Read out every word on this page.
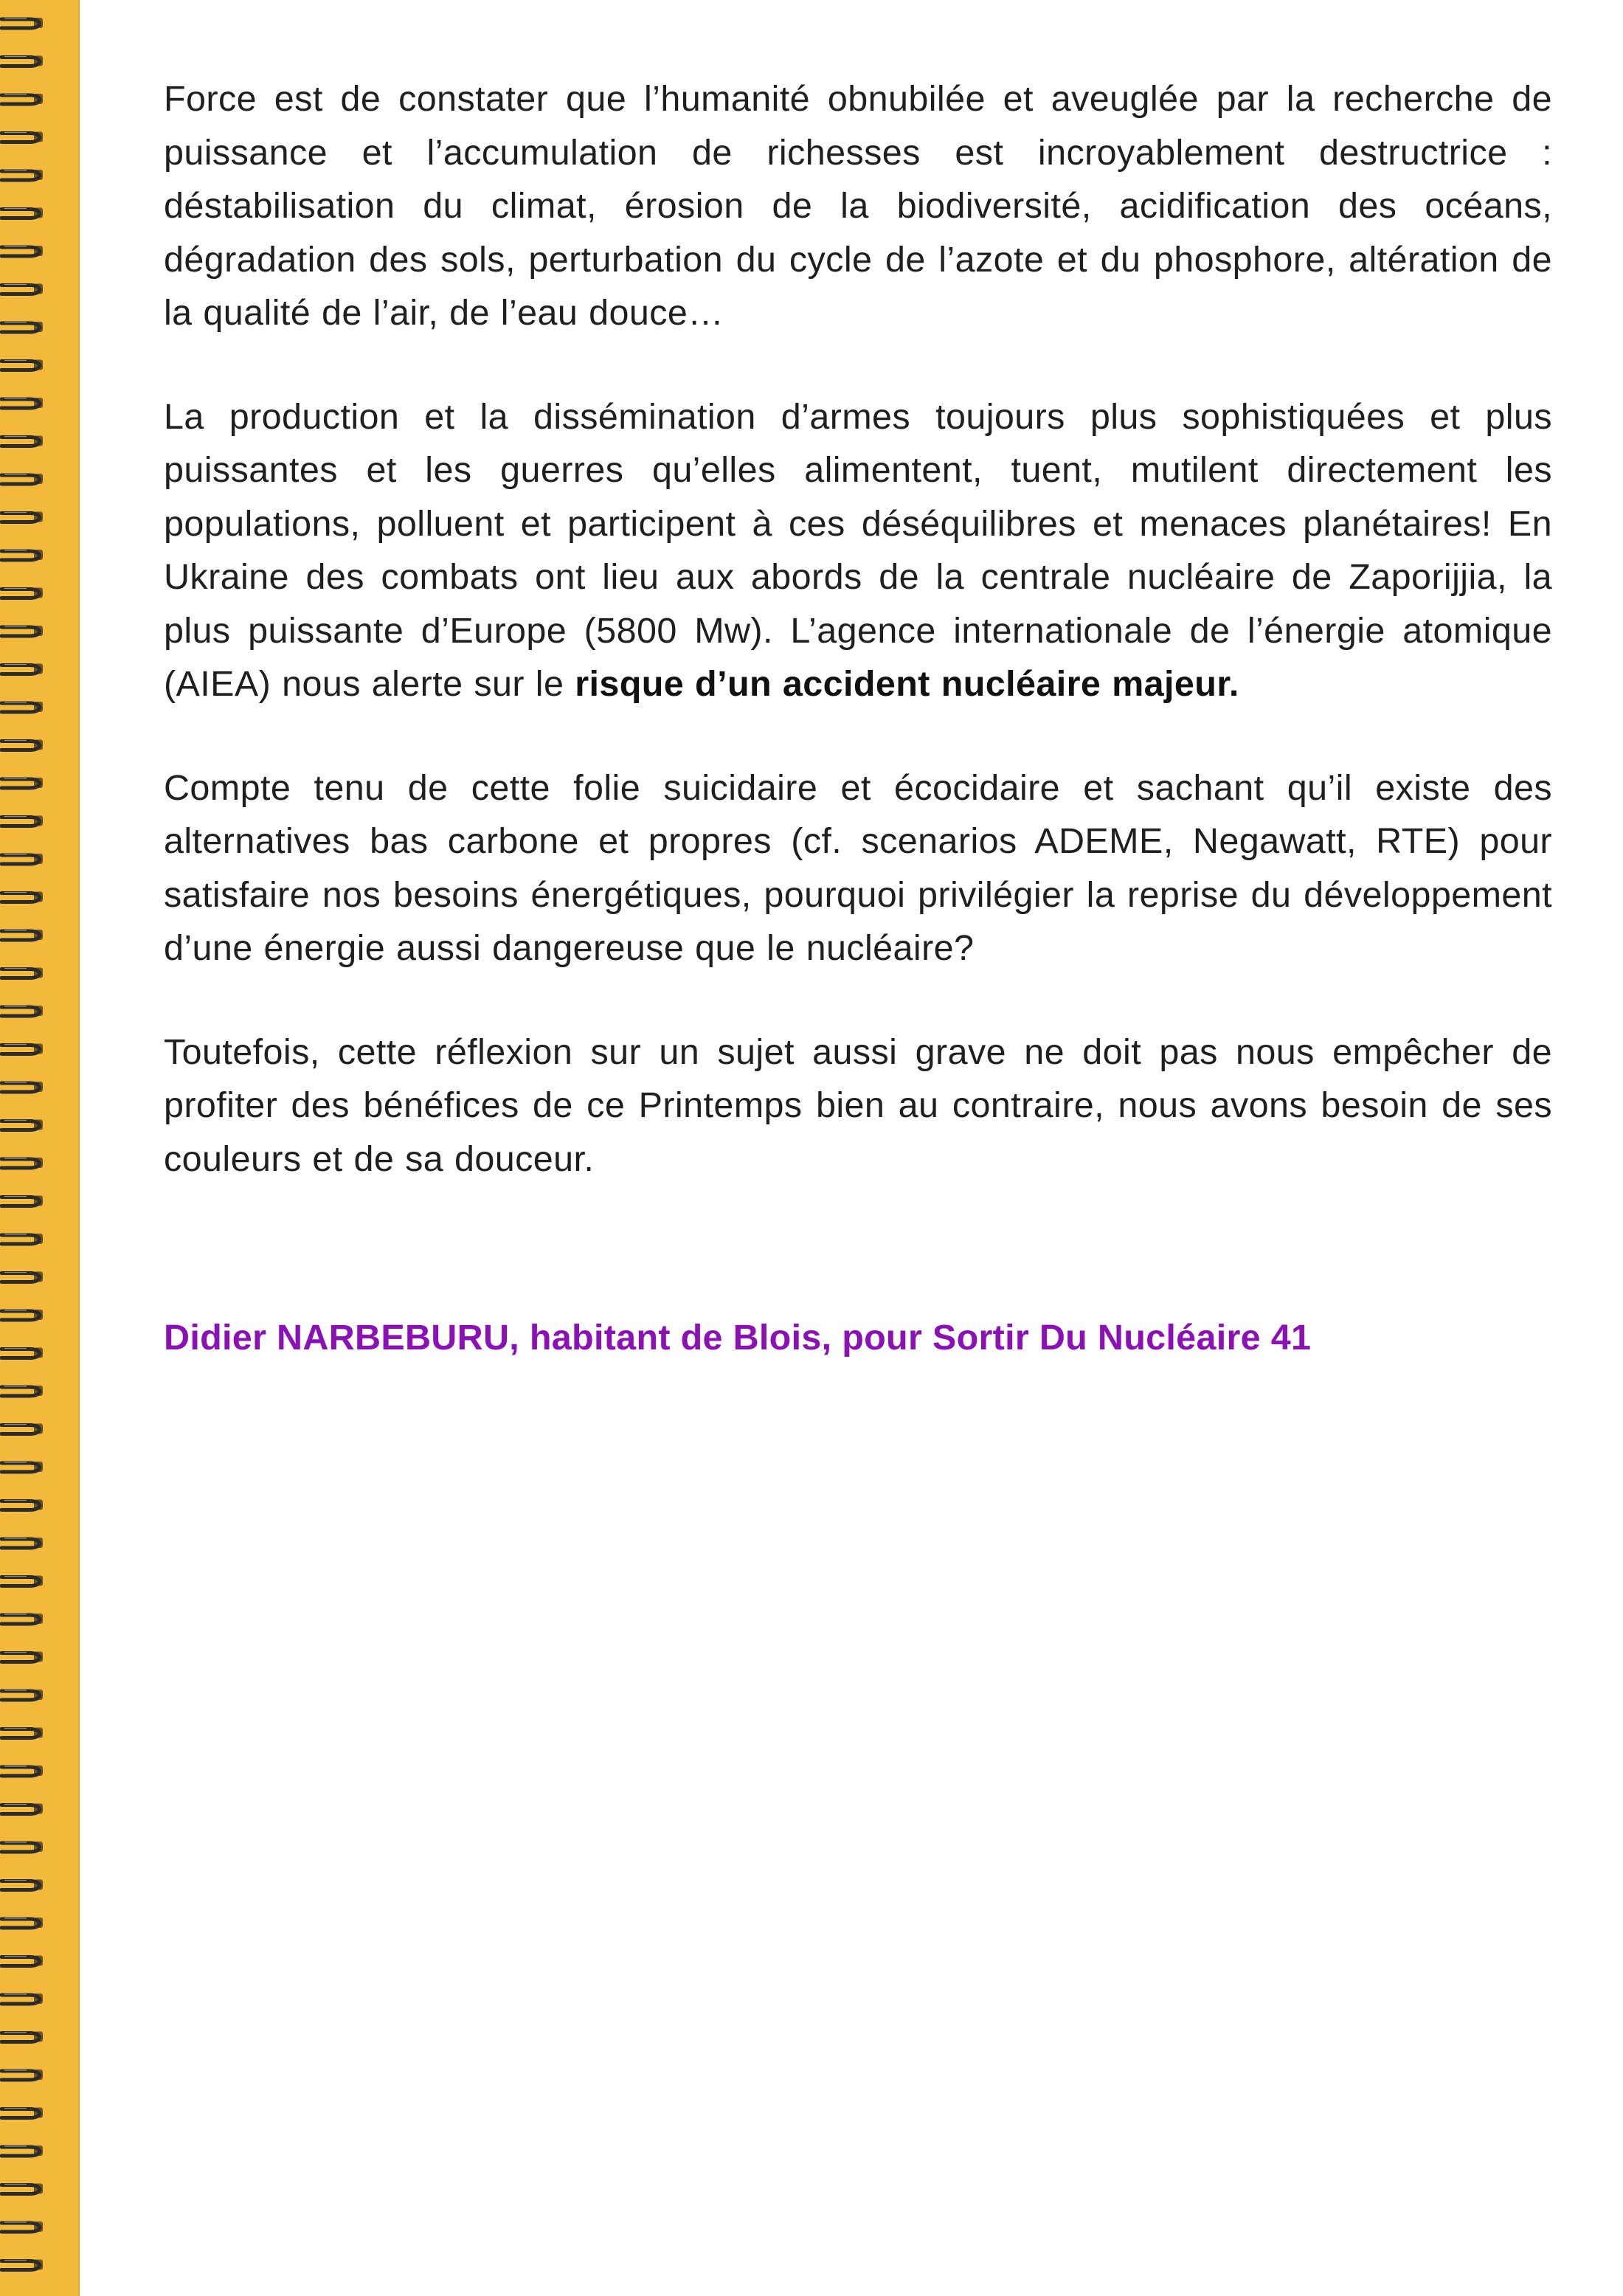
Force est de constater que l’humanité obnubilée et aveuglée par la recherche de puissance et l’accumulation de richesses est incroyablement destructrice : déstabilisation du climat, érosion de la biodiversité, acidification des océans, dégradation des sols, perturbation du cycle de l’azote et du phosphore, altération de la qualité de l’air, de l’eau douce…

La production et la dissémination d’armes toujours plus sophistiquées et plus puissantes et les guerres qu’elles alimentent, tuent, mutilent directement les populations, polluent et participent à ces déséquilibres et menaces planétaires! En Ukraine des combats ont lieu aux abords de la centrale nucléaire de Zaporijjia, la plus puissante d’Europe (5800 Mw). L’agence internationale de l’énergie atomique (AIEA) nous alerte sur le risque d’un accident nucléaire majeur.

Compte tenu de cette folie suicidaire et écocidaire et sachant qu’il existe des alternatives bas carbone et propres (cf. scenarios ADEME, Negawatt, RTE) pour satisfaire nos besoins énergétiques, pourquoi privilégier la reprise du développement d’une énergie aussi dangereuse que le nucléaire?

Toutefois, cette réflexion sur un sujet aussi grave ne doit pas nous empêcher de profiter des bénéfices de ce Printemps bien au contraire, nous avons besoin de ses couleurs et de sa douceur.

Didier NARBEBURU, habitant de Blois, pour Sortir Du Nucléaire 41
